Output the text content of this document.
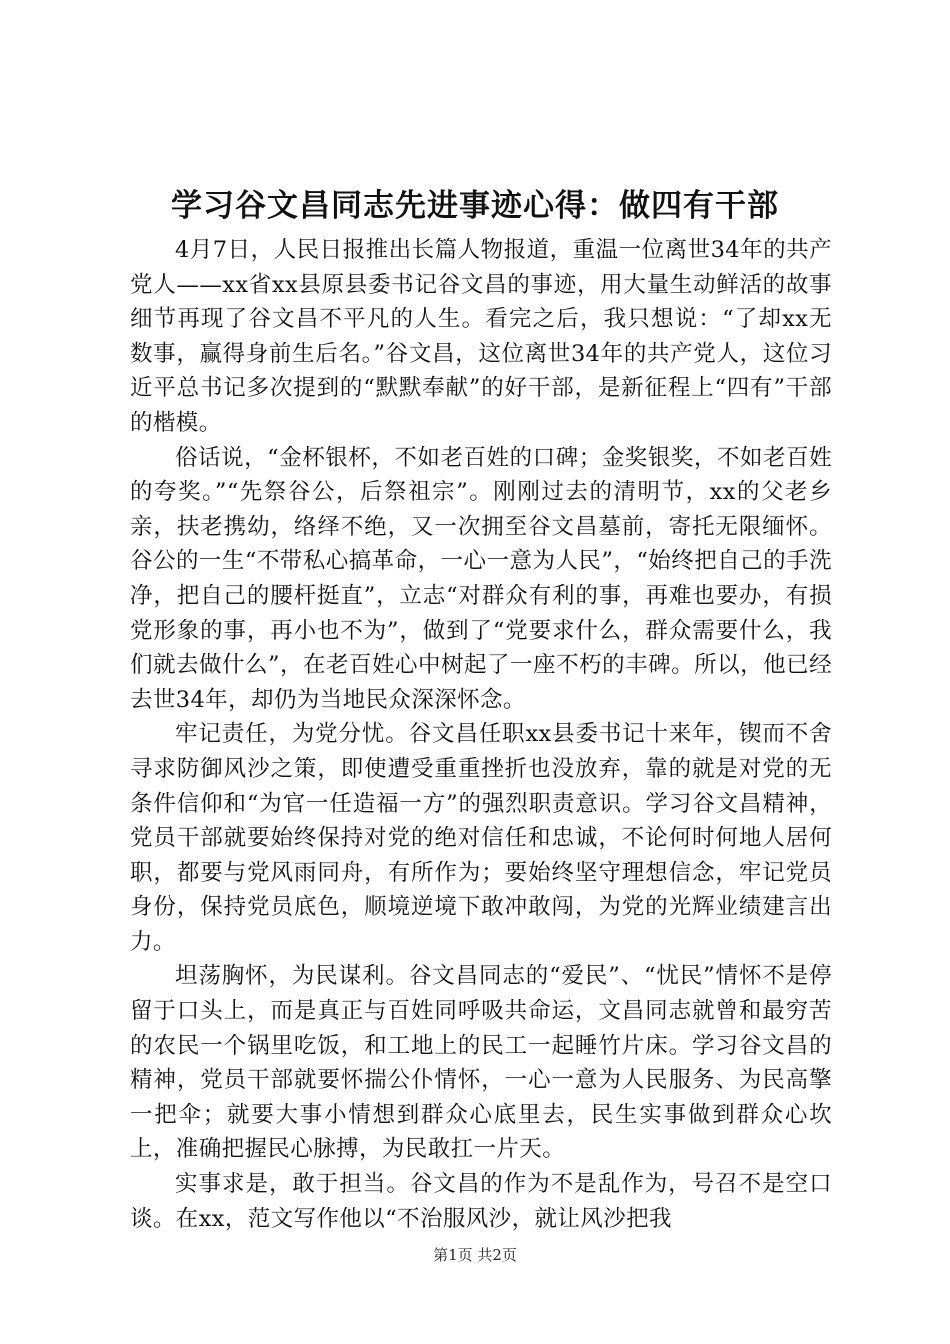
学习谷文昌同志先进事迹心得：做四有干部

4月7日，人民日报推出长篇人物报道，重温一位离世34年的共产党人——xx省xx县原县委书记谷文昌的事迹，用大量生动鲜活的故事细节再现了谷文昌不平凡的人生。看完之后，我只想说：“了却xx无数事，赢得身前生后名。”谷文昌，这位离世34年的共产党人，这位习近平总书记多次提到的“默默奉献”的好干部，是新征程上“四有”干部的楷模。

俗话说，“金杯银杯，不如老百姓的口碑；金奖银奖，不如老百姓的夸奖。”“先祭谷公，后祭祖宗”。刚刚过去的清明节，xx的父老乡亲，扶老携幼，络绎不绝，又一次拥至谷文昌墓前，寄托无限缅怀。谷公的一生“不带私心搞革命，一心一意为人民”，“始终把自己的手洗净，把自己的腰杆挺直”，立志“对群众有利的事，再难也要办，有损党形象的事，再小也不为”，做到了“党要求什么，群众需要什么，我们就去做什么”，在老百姓心中树起了一座不朽的丰碑。所以，他已经去世34年，却仍为当地民众深深怀念。

牢记责任，为党分忧。谷文昌任职xx县委书记十来年，锲而不舍寻求防御风沙之策，即使遭受重重挫折也没放弃，靠的就是对党的无条件信仰和“为官一任造福一方”的强烈职责意识。学习谷文昌精神，党员干部就要始终保持对党的绝对信任和忠诚，不论何时何地人居何职，都要与党风雨同舟，有所作为；要始终坚守理想信念，牢记党员身份，保持党员底色，顺境逆境下敢冲敢闯，为党的光辉业绩建言出力。

坦荡胸怀，为民谋利。谷文昌同志的“爱民”、“忧民”情怀不是停留于口头上，而是真正与百姓同呼吸共命运，文昌同志就曾和最穷苦的农民一个锅里吃饭，和工地上的民工一起睡竹片床。学习谷文昌的精神，党员干部就要怀揣公仆情怀，一心一意为人民服务、为民高擎一把伞；就要大事小情想到群众心底里去，民生实事做到群众心坎上，准确把握民心脉搏，为民敢扛一片天。

实事求是，敢于担当。谷文昌的作为不是乱作为，号召不是空口谈。在xx，范文写作他以“不治服风沙，就让风沙把我

第1页 共2页
